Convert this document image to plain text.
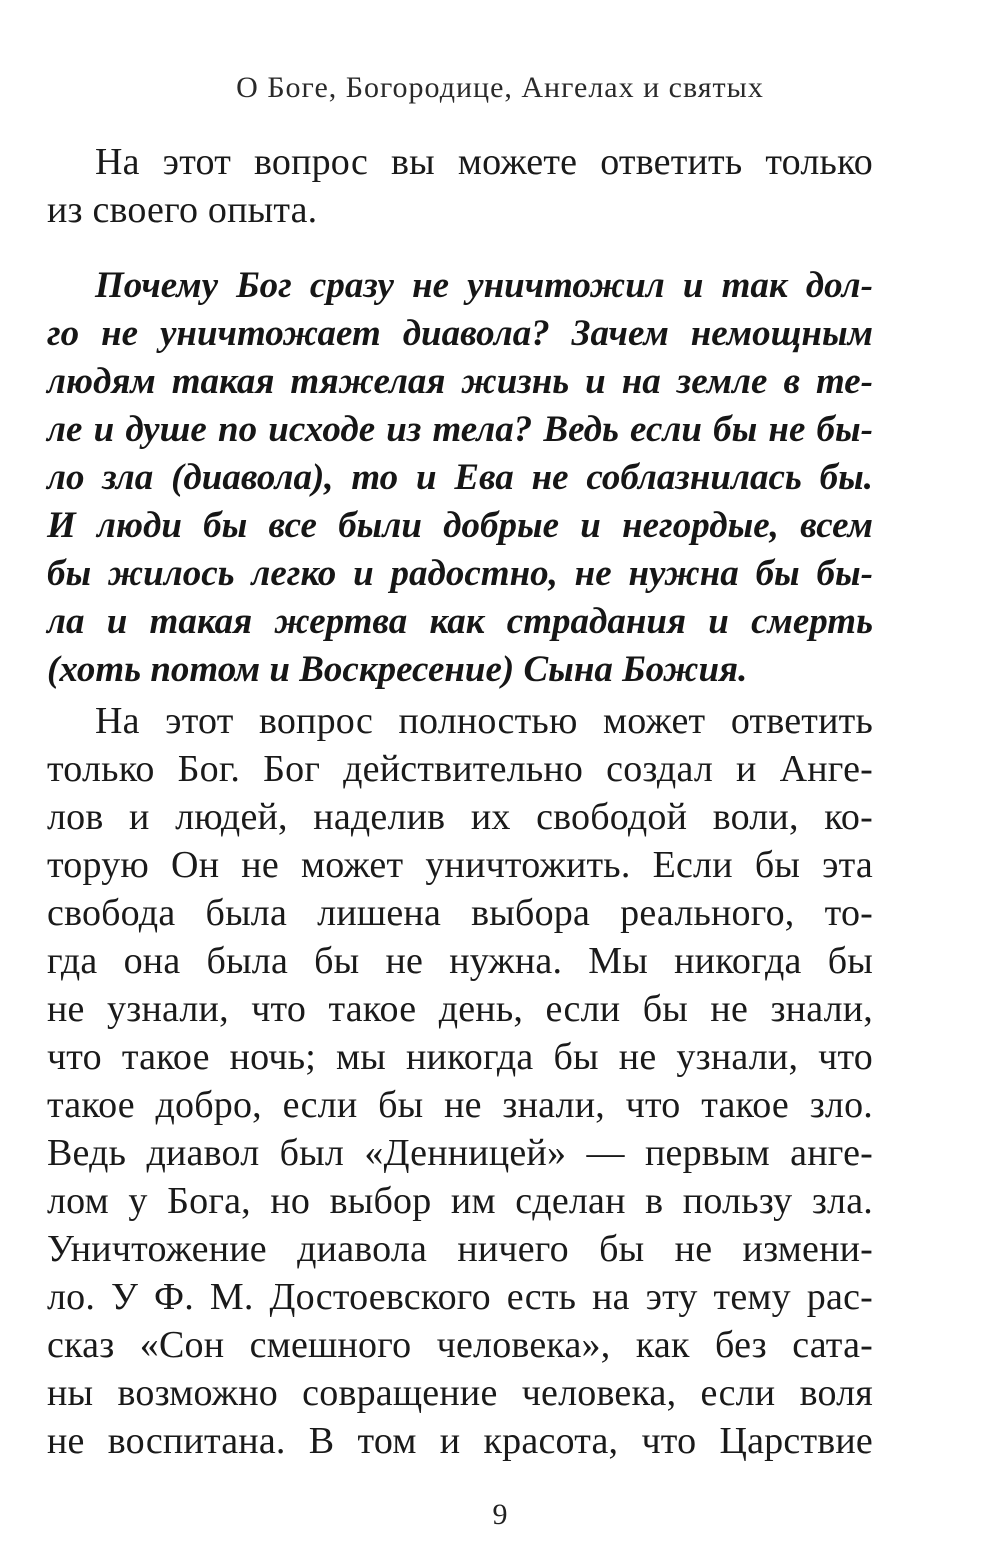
О Боге, Богородице, Ангелах и святых
На этот вопрос вы можете ответить только
из своего опыта.
Почему Бог сразу не уничтожил и так дол-
го не уничтожает диавола? Зачем немощным
людям такая тяжелая жизнь и на земле в те-
ле и душе по исходе из тела? Ведь если бы не бы-
ло зла (диавола), то и Ева не соблазнилась бы.
И люди бы все были добрые и негордые, всем
бы жилось легко и радостно, не нужна бы бы-
ла и такая жертва как страдания и смерть
(хоть потом и Воскресение) Сына Божия.
На этот вопрос полностью может ответить
только Бог. Бог действительно создал и Анге-
лов и людей, наделив их свободой воли, ко-
торую Он не может уничтожить. Если бы эта
свобода была лишена выбора реального, то-
гда она была бы не нужна. Мы никогда бы
не узнали, что такое день, если бы не знали,
что такое ночь; мы никогда бы не узнали, что
такое добро, если бы не знали, что такое зло.
Ведь диавол был «Денницей» — первым анге-
лом у Бога, но выбор им сделан в пользу зла.
Уничтожение диавола ничего бы не измени-
ло. У Ф. М. Достоевского есть на эту тему рас-
сказ «Сон смешного человека», как без сата-
ны возможно совращение человека, если воля
не воспитана. В том и красота, что Царствие
9
